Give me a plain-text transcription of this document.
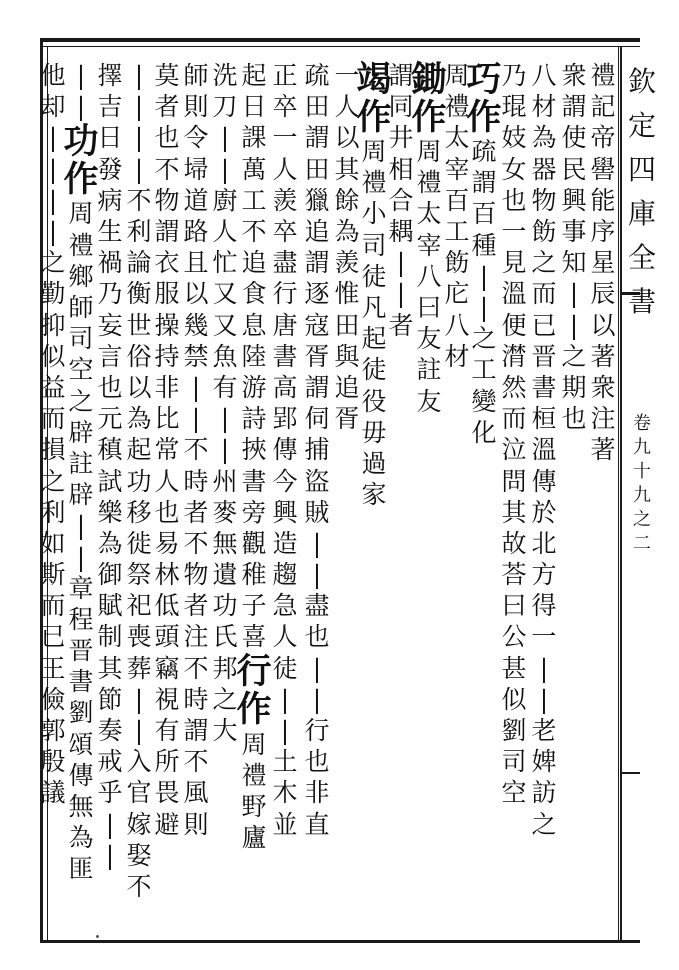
欽
定
四
庫
全
書
卷
九
十
九
之
二
禮
記
帝
嚳
能
序
星
辰
以
著
衆
注
著
衆
謂
使
民
興
事
知
|
|
之
期
也
八
材
為
器
物
飭
之
而
已
晋
書
桓
溫
傳
於
北
方
得
一
|
|
老
婢
訪
之
乃
琨
妓
女
也
一
見
溫
便
潸
然
而
泣
問
其
故
荅
曰
公
甚
似
劉
司
空
巧
作
疏
謂
百
種
|
|
之
工
變
化
周
禮
太
宰
百
工
飭
庀
八
材
鋤
作
周
禮
太
宰
八
曰
友
註
友
謂
同
井
相
合
耦
|
|
者
竭
作
周
禮
小
司
徒
凡
起
徒
役
毋
過
家
一
人
以
其
餘
為
羨
惟
田
與
追
胥
疏
田
謂
田
獵
追
謂
逐
寇
胥
謂
伺
捕
盜
賊
|
|
盡
也
|
|
行
也
非
直
正
卒
一
人
羨
卒
盡
行
唐
書
高
郢
傳
今
興
造
趨
急
人
徒
|
|
土
木
並
起
日
課
萬
工
不
追
食
息
陸
游
詩
挾
書
旁
觀
稚
子
喜
行
作
周
禮
野
廬
洗
刀
|
|
廚
人
忙
又
又
魚
有
|
|
州
麥
無
遺
功
氏
邦
之
大
師
則
令
埽
道
路
且
以
幾
禁
|
|
不
時
者
不
物
者
注
不
時
謂
不
風
則
莫
者
也
不
物
謂
衣
服
操
持
非
比
常
人
也
易
林
低
頭
竊
視
有
所
畏
避
|
|
|
|
不
利
論
衡
世
俗
以
為
起
功
移
徙
祭
祀
喪
葬
|
|
入
官
嫁
娶
不
擇
吉
日
發
病
生
禍
乃
妄
言
也
元
稹
試
樂
為
御
賦
制
其
節
奏
戒
乎
|
|
|
|
功
作
周
禮
鄉
師
司
空
之
辟
註
辟
|
|
章
程
晋
書
劉
頌
傳
無
為
匪
他
却
|
|
|
|
之
勤
抑
似
益
而
損
之
利
如
斯
而
已
王
儉
郭
殷
議
